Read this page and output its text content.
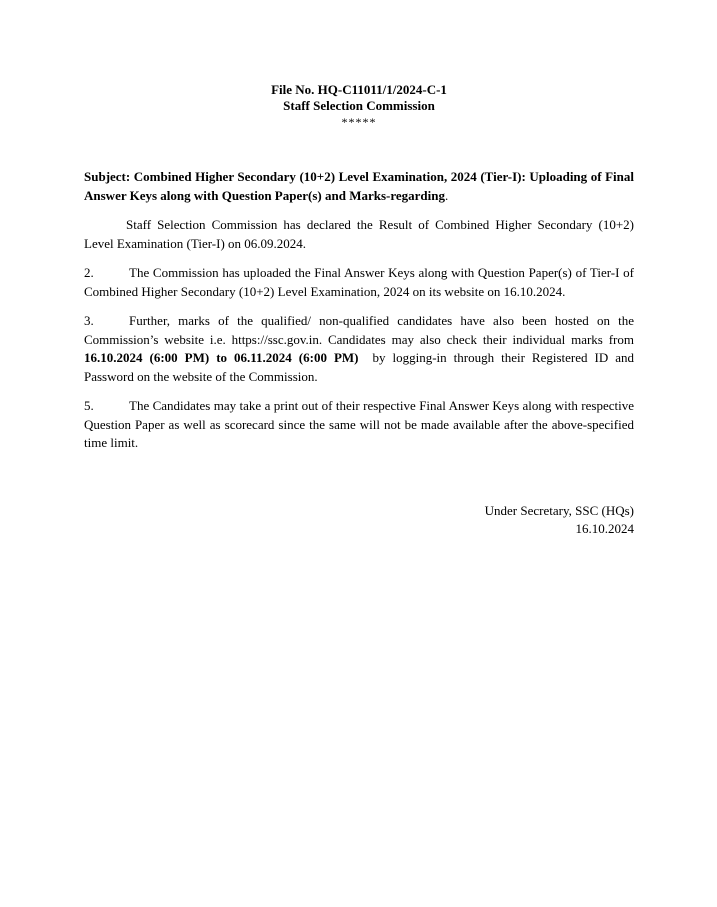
File No. HQ-C11011/1/2024-C-1
Staff Selection Commission
*****

Subject: Combined Higher Secondary (10+2) Level Examination, 2024 (Tier-I): Uploading of Final Answer Keys along with Question Paper(s) and Marks-regarding.

Staff Selection Commission has declared the Result of Combined Higher Secondary (10+2) Level Examination (Tier-I) on 06.09.2024.

2.	The Commission has uploaded the Final Answer Keys along with Question Paper(s) of Tier-I of Combined Higher Secondary (10+2) Level Examination, 2024 on its website on 16.10.2024.

3.	Further, marks of the qualified/ non-qualified candidates have also been hosted on the Commission’s website i.e. https://ssc.gov.in. Candidates may also check their individual marks from 16.10.2024 (6:00 PM) to 06.11.2024 (6:00 PM)  by logging-in through their Registered ID and Password on the website of the Commission.

5.	The Candidates may take a print out of their respective Final Answer Keys along with respective Question Paper as well as scorecard since the same will not be made available after the above-specified time limit.

Under Secretary, SSC (HQs)
16.10.2024
